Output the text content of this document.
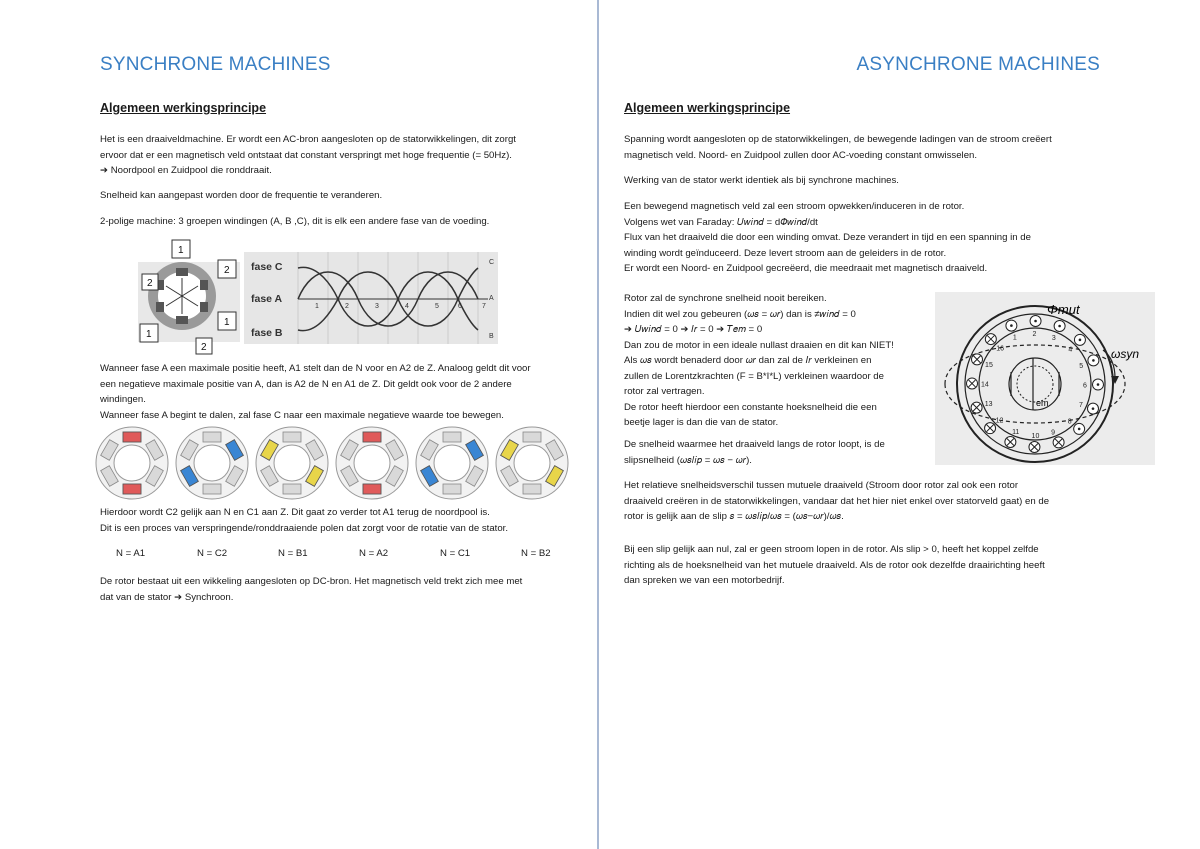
SYNCHRONE MACHINES
Algemeen werkingsprincipe
Het is een draaiveldmachine. Er wordt een AC-bron aangesloten op de statorwikkelingen, dit zorgt
ervoor dat er een magnetisch veld ontstaat dat constant verspringt met hoge frequentie (= 50Hz).
➔ Noordpool en Zuidpool die ronddraait.
Snelheid kan aangepast worden door de frequentie te veranderen.
2-polige machine: 3 groepen windingen (A, B ,C), dit is elk een andere fase van de voeding.
1
2
2
1
1
2
fase C
fase A
fase B
1	2	3	4	5	6	7
C
A
B
Wanneer fase A een maximale positie heeft, A1 stelt dan de N voor en A2 de Z. Analoog geldt dit voor
een negatieve maximale positie van A, dan is A2 de N en A1 de Z. Dit geldt ook voor de 2 andere
windingen.
Wanneer fase A begint te dalen, zal fase C naar een maximale negatieve waarde toe bewegen.
Hierdoor wordt C2 gelijk aan N en C1 aan Z. Dit gaat zo verder tot A1 terug de noordpool is.
Dit is een proces van verspringende/ronddraaiende polen dat zorgt voor de rotatie van de stator.
N = A1	N = C2	N = B1	N = A2	N = C1	N = B2
De rotor bestaat uit een wikkeling aangesloten op DC-bron. Het magnetisch veld trekt zich mee met
dat van de stator ➔ Synchroon.
ASYNCHRONE MACHINES
Algemeen werkingsprincipe
Spanning wordt aangesloten op de statorwikkelingen, de bewegende ladingen van de stroom creëert
magnetisch veld. Noord- en Zuidpool zullen door AC-voeding constant omwisselen.
Werking van de stator werkt identiek als bij synchrone machines.
Een bewegend magnetisch veld zal een stroom opwekken/induceren in de rotor.
Volgens wet van Faraday: 𝑈𝑤𝑖𝑛𝑑 = d𝛷𝑤𝑖𝑛𝑑/dt
Flux van het draaiveld die door een winding omvat. Deze verandert in tijd en een spanning in de
winding wordt geïnduceerd. Deze levert stroom aan de geleiders in de rotor.
Er wordt een Noord- en Zuidpool gecreëerd, die meedraait met magnetisch draaiveld.
Rotor zal de synchrone snelheid nooit bereiken.
Indien dit wel zou gebeuren (𝜔𝑠 = 𝜔𝑟) dan is ≠𝑤𝑖𝑛𝑑 = 0
➔ 𝑈𝑤𝑖𝑛𝑑 = 0 ➔ 𝐼𝑟 = 0 ➔ 𝑇𝑒𝑚 = 0
Dan zou de motor in een ideale nullast draaien en dit kan NIET!
Als 𝜔𝑠 wordt benaderd door 𝜔𝑟 dan zal de 𝐼𝑟 verkleinen en
zullen de Lorentzkrachten (F = B*I*L) verkleinen waardoor de
rotor zal vertragen.
De rotor heeft hierdoor een constante hoeksnelheid die een
beetje lager is dan die van de stator.
De snelheid waarmee het draaiveld langs de rotor loopt, is de
slipsnelheid (𝜔𝑠𝑙𝑖𝑝 = 𝜔𝑠 − 𝜔𝑟).
Het relatieve snelheidsverschil tussen mutuele draaiveld (Stroom door rotor zal ook een rotor
draaiveld creëren in de statorwikkelingen, vandaar dat het hier niet enkel over statorveld gaat) en de
rotor is gelijk aan de slip 𝑠 = 𝜔𝑠𝑙𝑖𝑝/𝜔𝑠 = (𝜔𝑠−𝜔𝑟)/𝜔𝑠.
Bij een slip gelijk aan nul, zal er geen stroom lopen in de rotor. Als slip > 0, heeft het koppel zelfde
richting als de hoeksnelheid van het mutuele draaiveld. Als de rotor ook dezelfde draairichting heeft
dan spreken we van een motorbedrijf.
Φmut
ωsyn
em
1
2
3
4
5
6
7
8
9
10
11
12
13
14
15
16
